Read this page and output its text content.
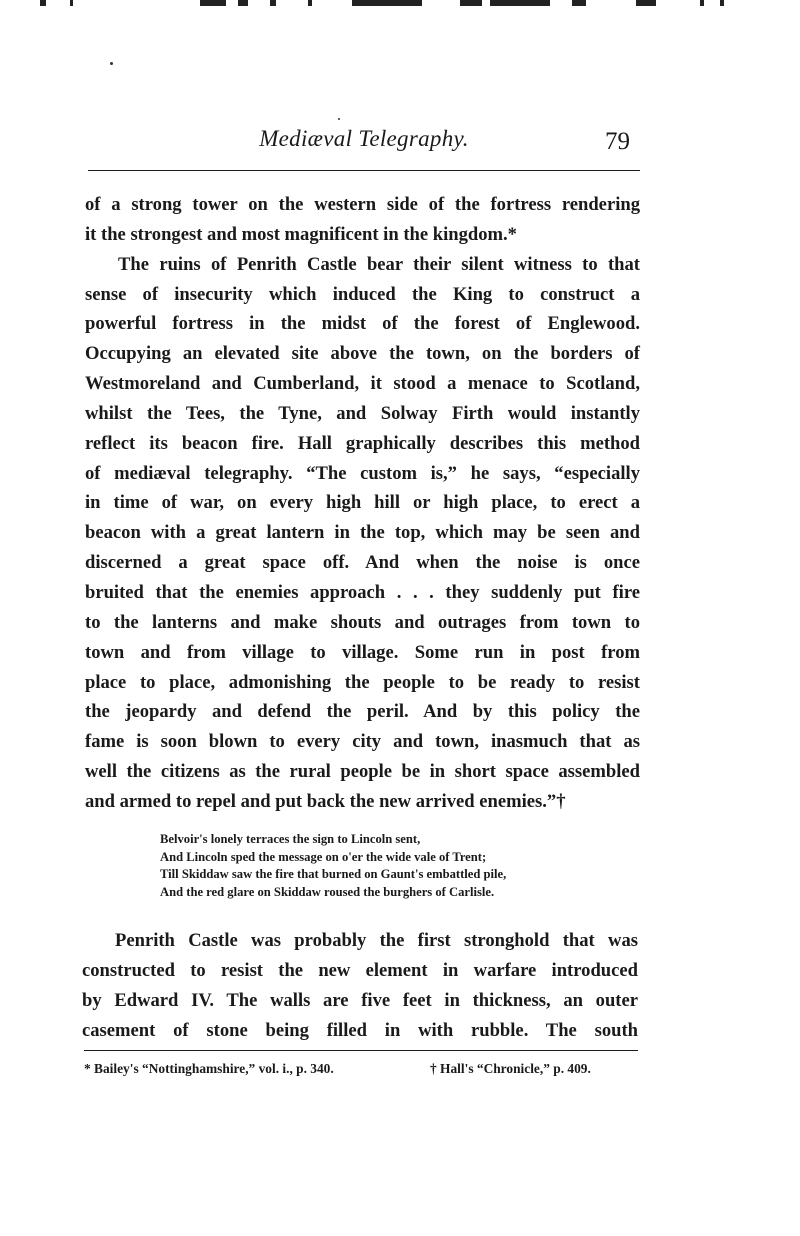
Mediæval Telegraphy.	79
of a strong tower on the western side of the fortress rendering
it the strongest and most magnificent in the kingdom.*
The ruins of Penrith Castle bear their silent witness to that
sense of insecurity which induced the King to construct a
powerful fortress in the midst of the forest of Englewood.
Occupying an elevated site above the town, on the borders of
Westmoreland and Cumberland, it stood a menace to Scotland,
whilst the Tees, the Tyne, and Solway Firth would instantly
reflect its beacon fire. Hall graphically describes this method
of mediæval telegraphy. “The custom is,” he says, “especially
in time of war, on every high hill or high place, to erect a
beacon with a great lantern in the top, which may be seen and
discerned a great space off. And when the noise is once
bruited that the enemies approach . . . they suddenly put fire
to the lanterns and make shouts and outrages from town to
town and from village to village. Some run in post from
place to place, admonishing the people to be ready to resist
the jeopardy and defend the peril. And by this policy the
fame is soon blown to every city and town, inasmuch that as
well the citizens as the rural people be in short space assembled
and armed to repel and put back the new arrived enemies.”†
Belvoir's lonely terraces the sign to Lincoln sent,
And Lincoln sped the message on o'er the wide vale of Trent;
Till Skiddaw saw the fire that burned on Gaunt's embattled pile,
And the red glare on Skiddaw roused the burghers of Carlisle.
Penrith Castle was probably the first stronghold that was
constructed to resist the new element in warfare introduced
by Edward IV. The walls are five feet in thickness, an outer
casement of stone being filled in with rubble. The south
* Bailey's “Nottinghamshire,” vol. i., p. 340.	† Hall's “Chronicle,” p. 409.
